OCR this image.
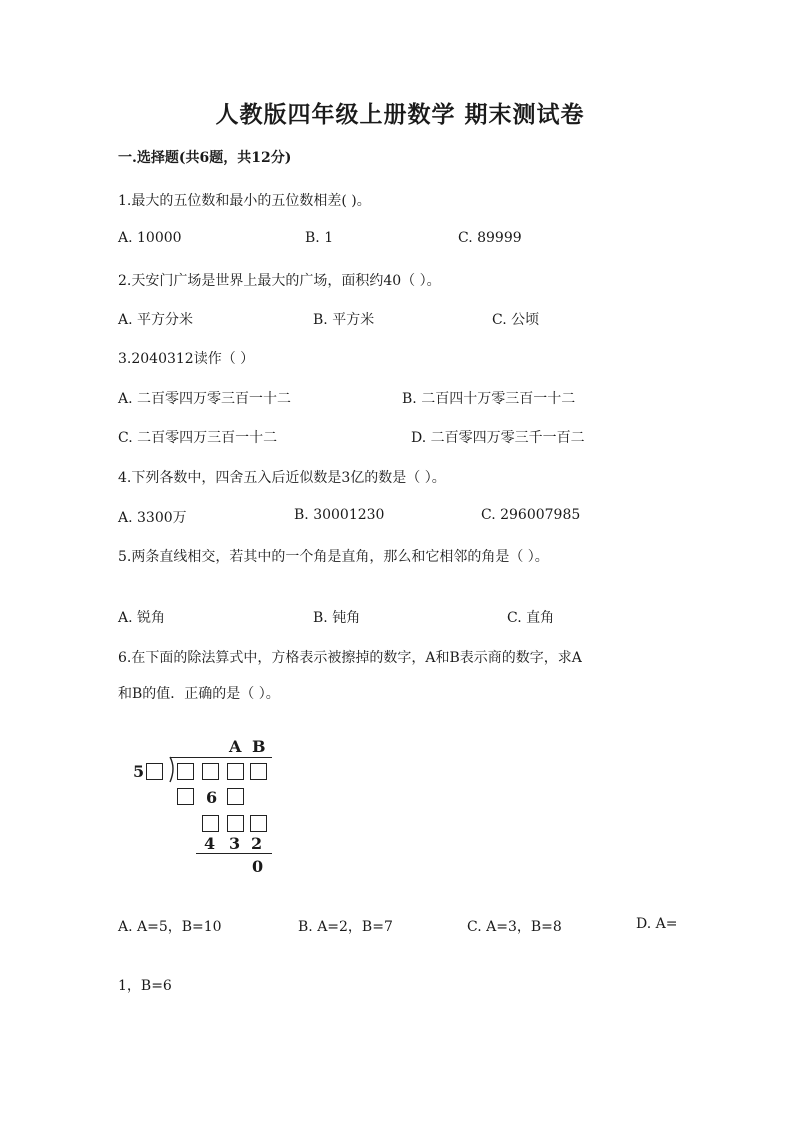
人教版四年级上册数学 期末测试卷
一.选择题(共6题，共12分)
1.最大的五位数和最小的五位数相差( )。
A. 10000	B. 1	C. 89999
2.天安门广场是世界上最大的广场，面积约40（ ）。
A. 平方分米	B. 平方米	C. 公顷
3.2040312读作（ ）
A. 二百零四万零三百一十二	B. 二百四十万零三百一十二
C. 二百零四万三百一十二	D. 二百零四万零三千一百二
4.下列各数中，四舍五入后近似数是3亿的数是（ ）。
A. 3300万	B. 30001230	C. 296007985
5.两条直线相交，若其中的一个角是直角，那么和它相邻的角是（ ）。
A. 锐角	B. 钝角	C. 直角
6.在下面的除法算式中，方格表示被擦掉的数字，A和B表示商的数字，求A
和B的值．正确的是（ ）。
A B
5
6
4 3 2
0
A. A=5，B=10	B. A=2，B=7	C. A=3，B=8	D. A=
1，B=6
